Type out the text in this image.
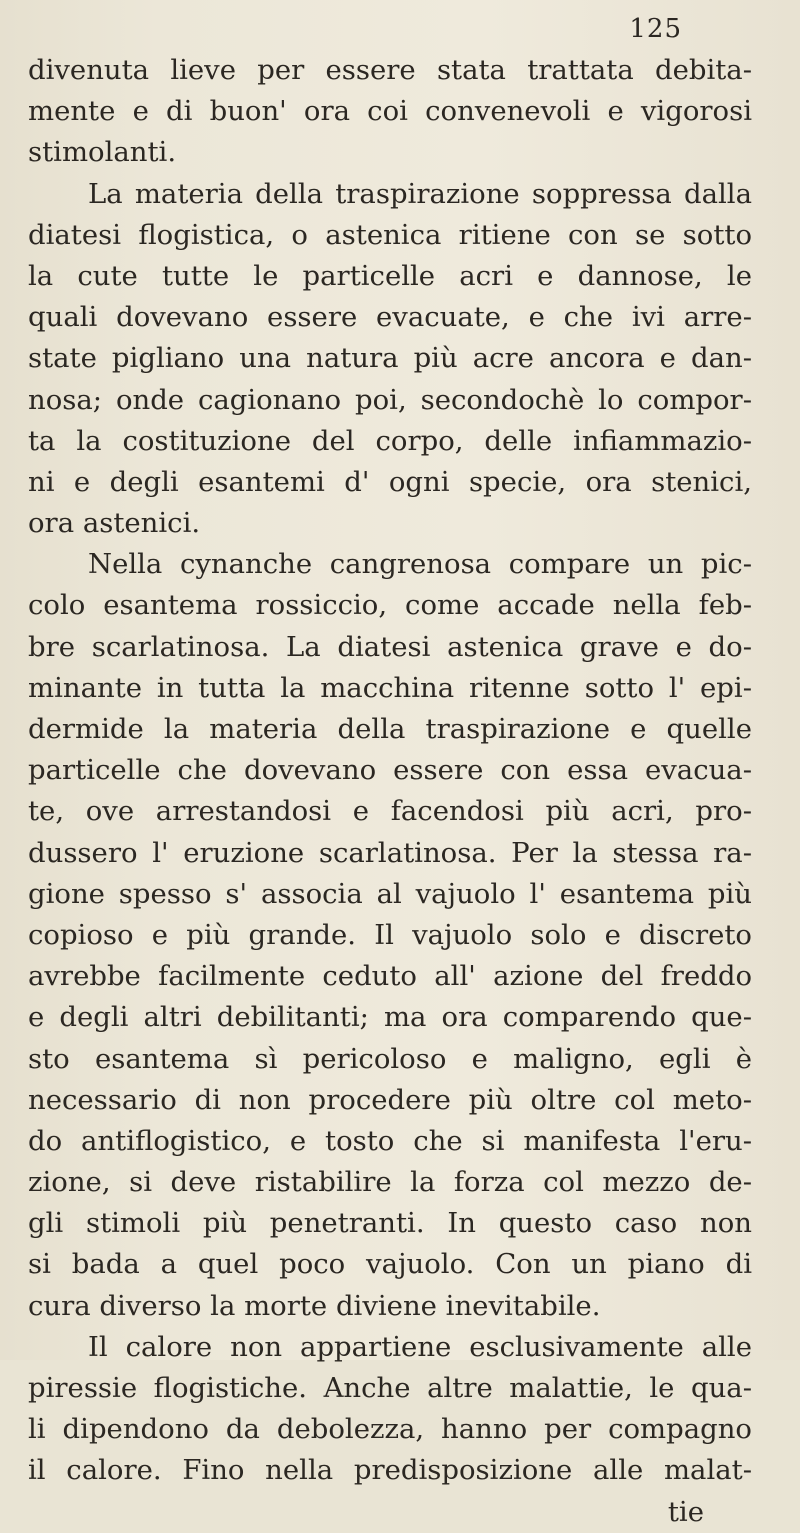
125
divenuta lieve per essere stata trattata debita-
mente e di buon' ora coi convenevoli e vigorosi
stimolanti.
La materia della traspirazione soppressa dalla
diatesi flogistica, o astenica ritiene con se sotto
la cute tutte le particelle acri e dannose, le
quali dovevano essere evacuate, e che ivi arre-
state pigliano una natura più acre ancora e dan-
nosa; onde cagionano poi, secondochè lo compor-
ta la costituzione del corpo, delle infiammazio-
ni e degli esantemi d' ogni specie, ora stenici,
ora astenici.
Nella cynanche cangrenosa compare un pic-
colo esantema rossiccio, come accade nella feb-
bre scarlatinosa. La diatesi astenica grave e do-
minante in tutta la macchina ritenne sotto l' epi-
dermide la materia della traspirazione e quelle
particelle che dovevano essere con essa evacua-
te, ove arrestandosi e facendosi più acri, pro-
dussero l' eruzione scarlatinosa. Per la stessa ra-
gione spesso s' associa al vajuolo l' esantema più
copioso e più grande. Il vajuolo solo e discreto
avrebbe facilmente ceduto all' azione del freddo
e degli altri debilitanti; ma ora comparendo que-
sto esantema sì pericoloso e maligno, egli è
necessario di non procedere più oltre col meto-
do antiflogistico, e tosto che si manifesta l'eru-
zione, si deve ristabilire la forza col mezzo de-
gli stimoli più penetranti. In questo caso non
si bada a quel poco vajuolo. Con un piano di
cura diverso la morte diviene inevitabile.
Il calore non appartiene esclusivamente alle
piressie flogistiche. Anche altre malattie, le qua-
li dipendono da debolezza, hanno per compagno
il calore. Fino nella predisposizione alle malat-
tie
